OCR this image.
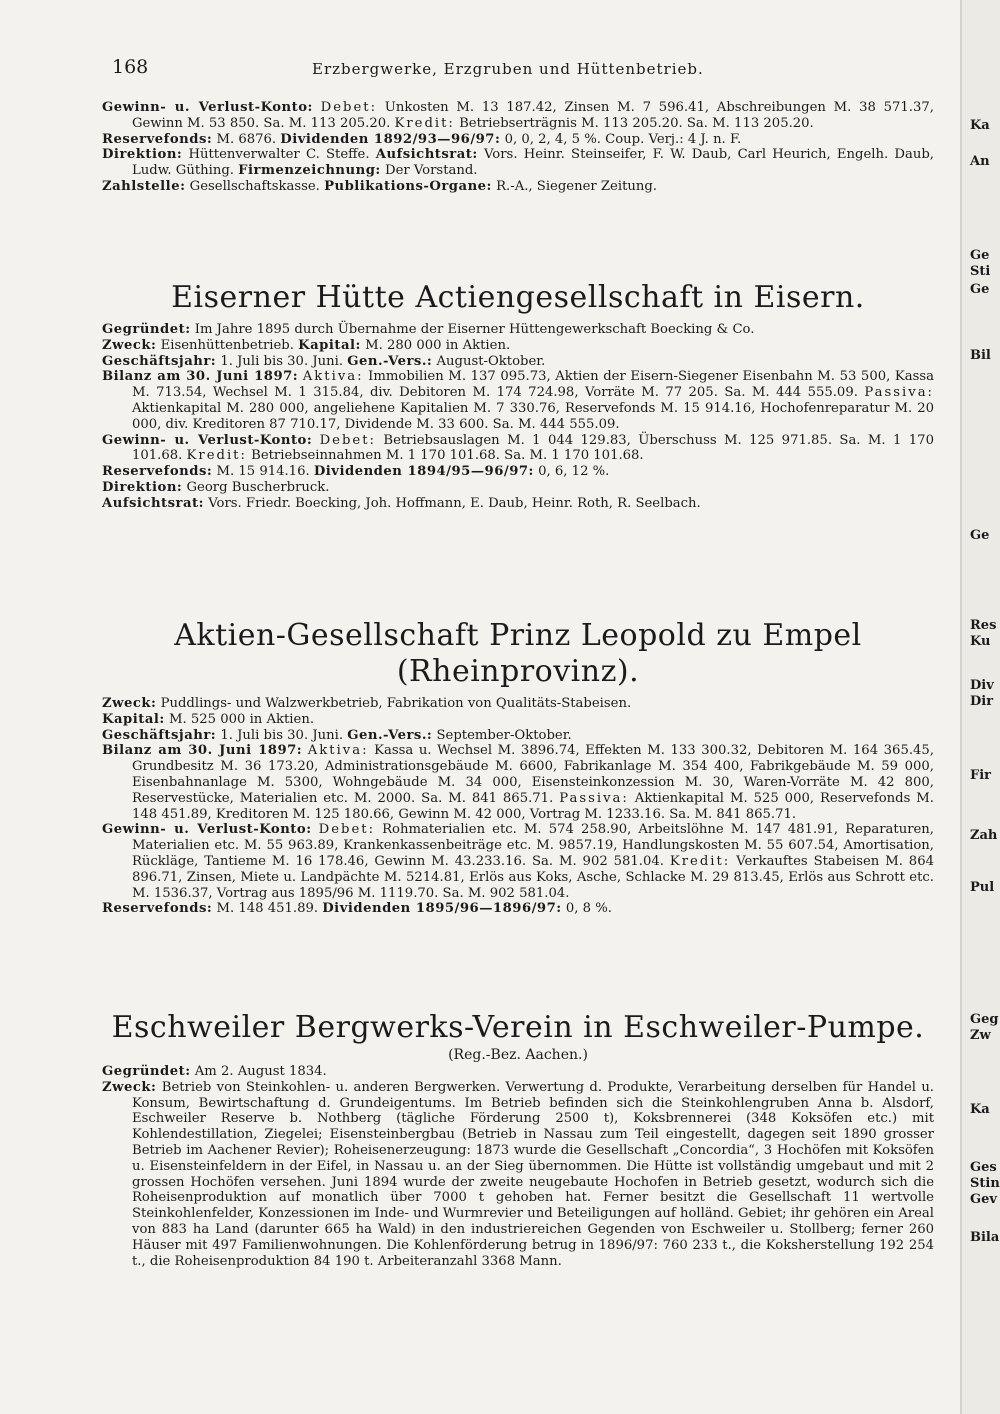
168	Erzbergwerke, Erzgruben und Hüttenbetrieb.

Gewinn- u. Verlust-Konto: Debet: Unkosten M. 13 187.42, Zinsen M. 7 596.41, Abschreibungen M. 38 571.37, Gewinn M. 53 850. Sa. M. 113 205.20. Kredit: Betriebserträgnis M. 113 205.20. Sa. M. 113 205.20.

Reservefonds: M. 6876. Dividenden 1892/93—96/97: 0, 0, 2, 4, 5 %. Coup. Verj.: 4 J. n. F.

Direktion: Hüttenverwalter C. Steffe. Aufsichtsrat: Vors. Heinr. Steinseifer, F. W. Daub, Carl Heurich, Engelh. Daub, Ludw. Güthing. Firmenzeichnung: Der Vorstand.

Zahlstelle: Gesellschaftskasse. Publikations-Organe: R.-A., Siegener Zeitung.

Eiserner Hütte Actiengesellschaft in Eisern.

Gegründet: Im Jahre 1895 durch Übernahme der Eiserner Hüttengewerkschaft Boecking & Co.

Zweck: Eisenhüttenbetrieb. Kapital: M. 280 000 in Aktien.

Geschäftsjahr: 1. Juli bis 30. Juni. Gen.-Vers.: August-Oktober.

Bilanz am 30. Juni 1897: Aktiva: Immobilien M. 137 095.73, Aktien der Eisern-Siegener Eisenbahn M. 53 500, Kassa M. 713.54, Wechsel M. 1 315.84, div. Debitoren M. 174 724.98, Vorräte M. 77 205. Sa. M. 444 555.09. Passiva: Aktienkapital M. 280 000, angeliehene Kapitalien M. 7 330.76, Reservefonds M. 15 914.16, Hochofenreparatur M. 20 000, div. Kreditoren 87 710.17, Dividende M. 33 600. Sa. M. 444 555.09.

Gewinn- u. Verlust-Konto: Debet: Betriebsauslagen M. 1 044 129.83, Überschuss M. 125 971.85. Sa. M. 1 170 101.68. Kredit: Betriebseinnahmen M. 1 170 101.68. Sa. M. 1 170 101.68.

Reservefonds: M. 15 914.16. Dividenden 1894/95—96/97: 0, 6, 12 %.

Direktion: Georg Buscherbruck.

Aufsichtsrat: Vors. Friedr. Boecking, Joh. Hoffmann, E. Daub, Heinr. Roth, R. Seelbach.

Aktien-Gesellschaft Prinz Leopold zu Empel (Rheinprovinz).

Zweck: Puddlings- und Walzwerkbetrieb, Fabrikation von Qualitäts-Stabeisen.

Kapital: M. 525 000 in Aktien.

Geschäftsjahr: 1. Juli bis 30. Juni. Gen.-Vers.: September-Oktober.

Bilanz am 30. Juni 1897: Aktiva: Kassa u. Wechsel M. 3896.74, Effekten M. 133 300.32, Debitoren M. 164 365.45, Grundbesitz M. 36 173.20, Administrationsgebäude M. 6600, Fabrikanlage M. 354 400, Fabrikgebäude M. 59 000, Eisenbahnanlage M. 5300, Wohngebäude M. 34 000, Eisensteinkonzession M. 30, Waren-Vorräte M. 42 800, Reservestücke, Materialien etc. M. 2000. Sa. M. 841 865.71. Passiva: Aktienkapital M. 525 000, Reservefonds M. 148 451.89, Kreditoren M. 125 180.66, Gewinn M. 42 000, Vortrag M. 1233.16. Sa. M. 841 865.71.

Gewinn- u. Verlust-Konto: Debet: Rohmaterialien etc. M. 574 258.90, Arbeitslöhne M. 147 481.91, Reparaturen, Materialien etc. M. 55 963.89, Krankenkassenbeiträge etc. M. 9857.19, Handlungskosten M. 55 607.54, Amortisation, Rückläge, Tantieme M. 16 178.46, Gewinn M. 43.233.16. Sa. M. 902 581.04. Kredit: Verkauftes Stabeisen M. 864 896.71, Zinsen, Miete u. Landpächte M. 5214.81, Erlös aus Koks, Asche, Schlacke M. 29 813.45, Erlös aus Schrott etc. M. 1536.37, Vortrag aus 1895/96 M. 1119.70. Sa. M. 902 581.04.

Reservefonds: M. 148 451.89. Dividenden 1895/96—1896/97: 0, 8 %.

Eschweiler Bergwerks-Verein in Eschweiler-Pumpe.

(Reg.-Bez. Aachen.)

Gegründet: Am 2. August 1834.

Zweck: Betrieb von Steinkohlen- u. anderen Bergwerken. Verwertung d. Produkte, Verarbeitung derselben für Handel u. Konsum, Bewirtschaftung d. Grundeigentums. Im Betrieb befinden sich die Steinkohlengruben Anna b. Alsdorf, Eschweiler Reserve b. Nothberg (tägliche Förderung 2500 t), Koksbrennerei (348 Koksöfen etc.) mit Kohlendestillation, Ziegelei; Eisensteinbergbau (Betrieb in Nassau zum Teil eingestellt, dagegen seit 1890 grosser Betrieb im Aachener Revier); Roheisenerzeugung: 1873 wurde die Gesellschaft „Concordia“, 3 Hochöfen mit Koksöfen u. Eisensteinfeldern in der Eifel, in Nassau u. an der Sieg übernommen. Die Hütte ist vollständig umgebaut und mit 2 grossen Hochöfen versehen. Juni 1894 wurde der zweite neugebaute Hochofen in Betrieb gesetzt, wodurch sich die Roheisenproduktion auf monatlich über 7000 t gehoben hat. Ferner besitzt die Gesellschaft 11 wertvolle Steinkohlenfelder, Konzessionen im Inde- und Wurmrevier und Beteiligungen auf holländ. Gebiet; ihr gehören ein Areal von 883 ha Land (darunter 665 ha Wald) in den industriereichen Gegenden von Eschweiler u. Stollberg; ferner 260 Häuser mit 497 Familienwohnungen. Die Kohlenförderung betrug in 1896/97: 760 233 t., die Koksherstellung 192 254 t., die Roheisenproduktion 84 190 t. Arbeiteranzahl 3368 Mann.

Ka
An
Ge
Sti
Ge
Bil
Ge
Res
Ku
Div
Dir
Fir
Zah
Pul
Geg
Zw
Ka
Ges
Stin
Gev
Bila
